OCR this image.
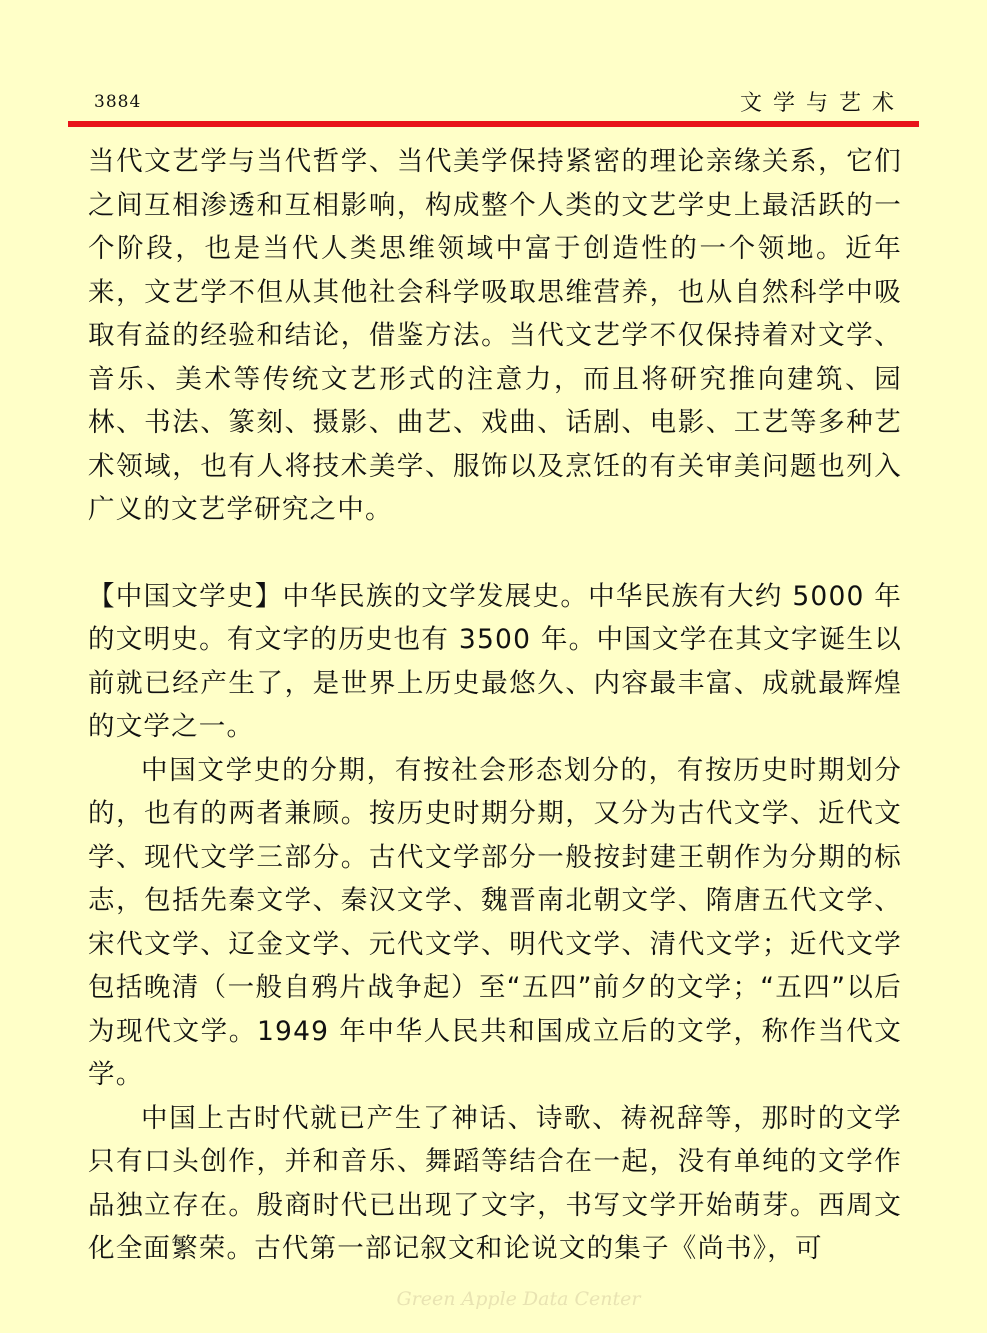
3884	文学与艺术

当代文艺学与当代哲学、当代美学保持紧密的理论亲缘关系，它们之间互相渗透和互相影响，构成整个人类的文艺学史上最活跃的一个阶段，也是当代人类思维领域中富于创造性的一个领地。近年来，文艺学不但从其他社会科学吸取思维营养，也从自然科学中吸取有益的经验和结论，借鉴方法。当代文艺学不仅保持着对文学、音乐、美术等传统文艺形式的注意力，而且将研究推向建筑、园林、书法、篆刻、摄影、曲艺、戏曲、话剧、电影、工艺等多种艺术领域，也有人将技术美学、服饰以及烹饪的有关审美问题也列入广义的文艺学研究之中。

【中国文学史】中华民族的文学发展史。中华民族有大约 5000 年的文明史。有文字的历史也有 3500 年。中国文学在其文字诞生以前就已经产生了，是世界上历史最悠久、内容最丰富、成就最辉煌的文学之一。

中国文学史的分期，有按社会形态划分的，有按历史时期划分的，也有的两者兼顾。按历史时期分期，又分为古代文学、近代文学、现代文学三部分。古代文学部分一般按封建王朝作为分期的标志，包括先秦文学、秦汉文学、魏晋南北朝文学、隋唐五代文学、宋代文学、辽金文学、元代文学、明代文学、清代文学；近代文学包括晚清（一般自鸦片战争起）至“五四”前夕的文学；“五四”以后为现代文学。1949 年中华人民共和国成立后的文学，称作当代文学。

中国上古时代就已产生了神话、诗歌、祷祝辞等，那时的文学只有口头创作，并和音乐、舞蹈等结合在一起，没有单纯的文学作品独立存在。殷商时代已出现了文字，书写文学开始萌芽。西周文化全面繁荣。古代第一部记叙文和论说文的集子《尚书》，可

Green Apple Data Center
